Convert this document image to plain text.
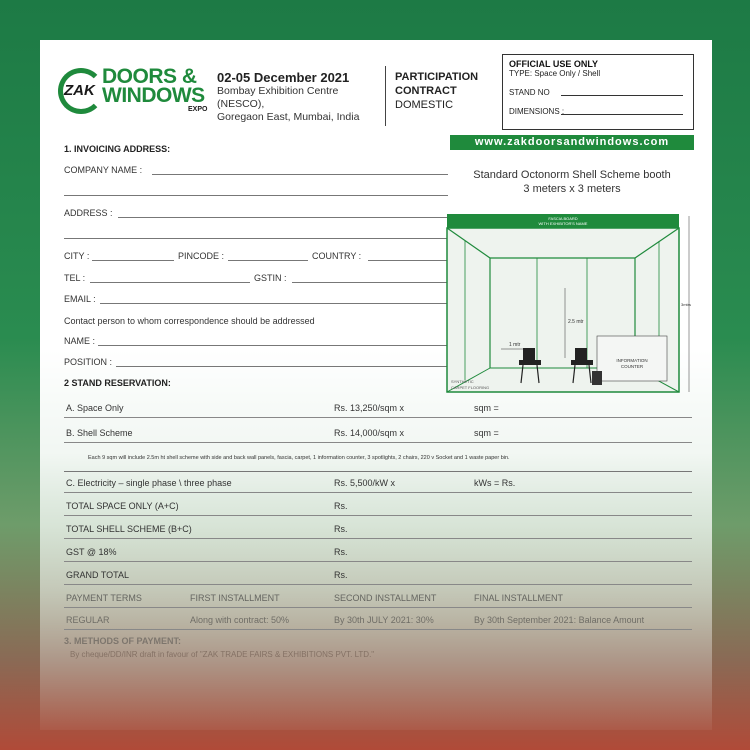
ZAK
DOORS &
WINDOWS
EXPO
02-05 December 2021
Bombay Exhibition Centre (NESCO),
Goregaon East, Mumbai, India
PARTICIPATION
CONTRACT
DOMESTIC
OFFICIAL USE ONLY
TYPE: Space Only / Shell
STAND NO
DIMENSIONS :
www.zakdoorsandwindows.com
1. INVOICING ADDRESS:
COMPANY NAME :
ADDRESS :
CITY :	PINCODE :	COUNTRY :
TEL :	GSTIN :
EMAIL :
Contact person to whom correspondence should be addressed
NAME :
POSITION :
Standard Octonorm Shell Scheme booth
3 meters x 3 meters
FASCIA BOARD
WITH EXHIBITOR'S NAME
1 mtr
2.5 mtr
3mtrs
INFORMATION
COUNTER
SYNTHETIC
CARPET FLOORING
2 STAND RESERVATION:
A. Space Only	Rs. 13,250/sqm x	sqm =
B. Shell Scheme	Rs. 14,000/sqm x	sqm =
Each 9 sqm will include 2.5m ht shell scheme with side and back wall panels, fascia, carpet, 1 information counter, 3 spotlights, 2 chairs, 220 v Socket and 1 waste paper bin.
C. Electricity – single phase \ three phase	Rs. 5,500/kW x	kWs = Rs.
TOTAL SPACE ONLY (A+C)	Rs.
TOTAL SHELL SCHEME (B+C)	Rs.
GST @ 18%	Rs.
GRAND TOTAL	Rs.
PAYMENT TERMS	FIRST INSTALLMENT	SECOND INSTALLMENT	FINAL INSTALLMENT
REGULAR	Along with contract: 50%	By 30th JULY 2021: 30%	By 30th September 2021: Balance Amount
3. METHODS OF PAYMENT:
By cheque/DD/INR draft in favour of "ZAK TRADE FAIRS & EXHIBITIONS PVT. LTD."
